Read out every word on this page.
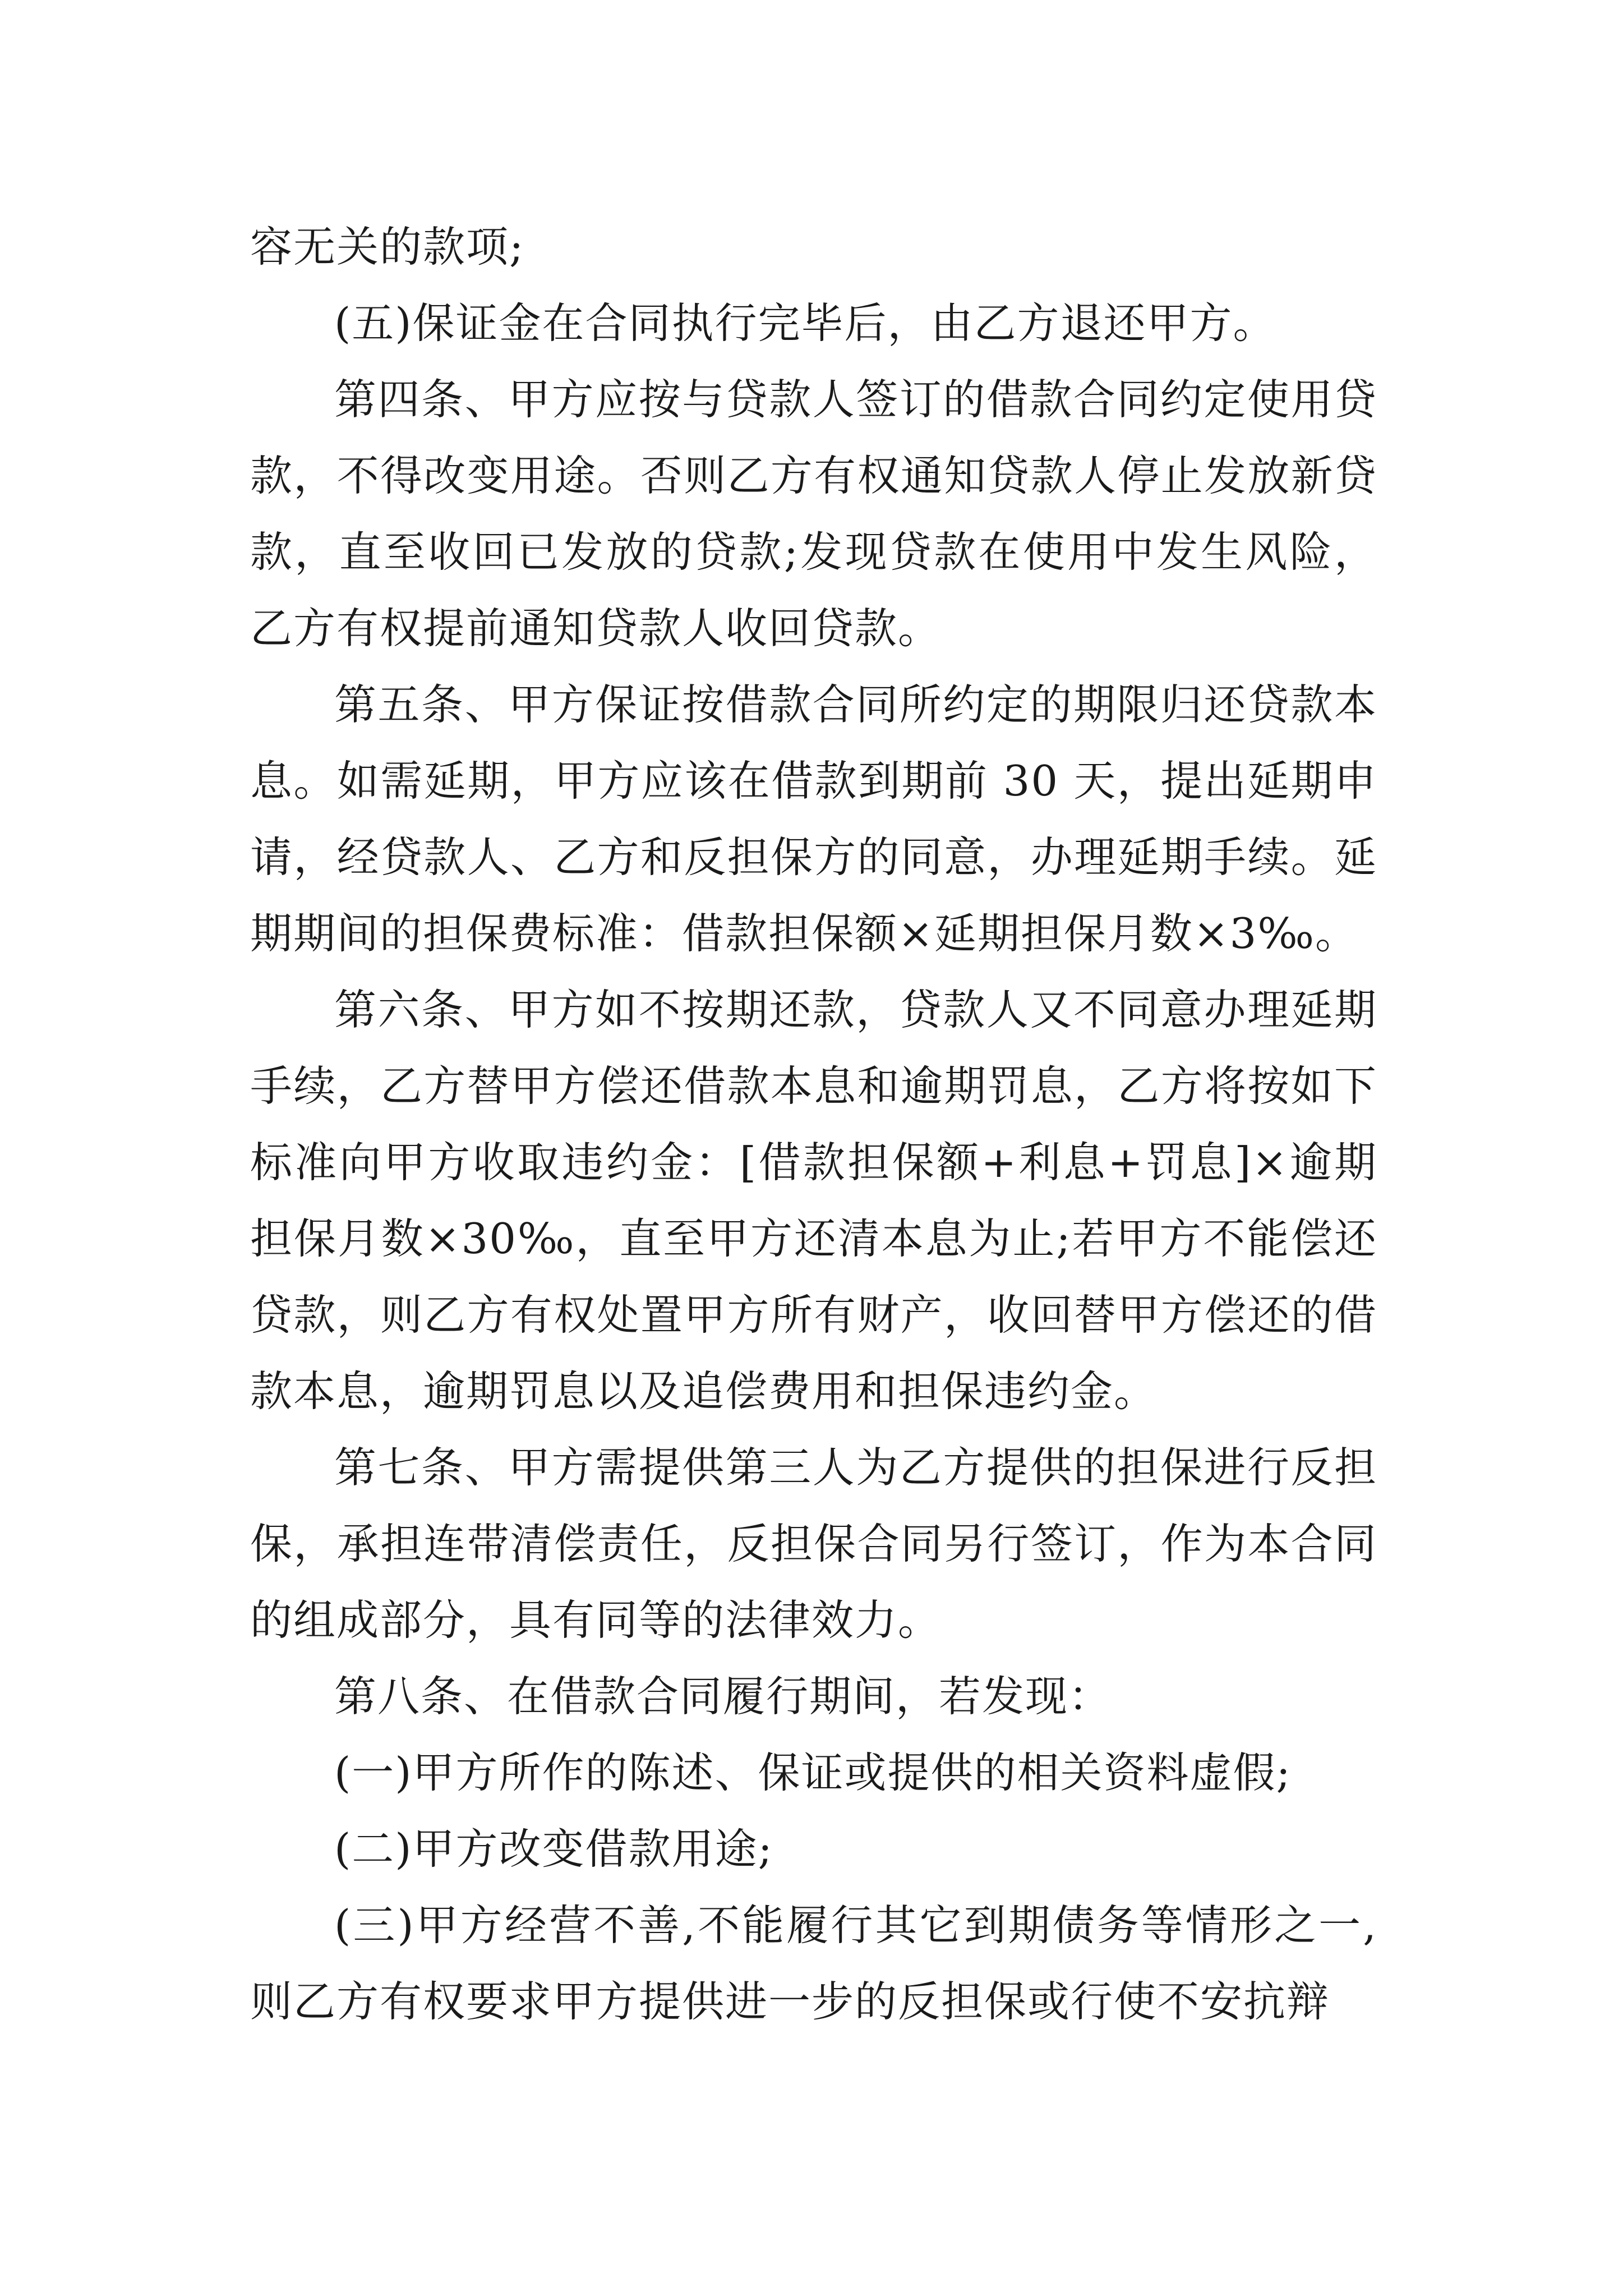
容无关的款项;

(五)保证金在合同执行完毕后，由乙方退还甲方。

第四条、甲方应按与贷款人签订的借款合同约定使用贷款，不得改变用途。否则乙方有权通知贷款人停止发放新贷款，直至收回已发放的贷款;发现贷款在使用中发生风险，乙方有权提前通知贷款人收回贷款。

第五条、甲方保证按借款合同所约定的期限归还贷款本息。如需延期，甲方应该在借款到期前 30 天，提出延期申请，经贷款人、乙方和反担保方的同意，办理延期手续。延期期间的担保费标准：借款担保额×延期担保月数×3‰。

第六条、甲方如不按期还款，贷款人又不同意办理延期手续，乙方替甲方偿还借款本息和逾期罚息，乙方将按如下标准向甲方收取违约金：[借款担保额+利息+罚息]×逾期担保月数×30‰，直至甲方还清本息为止;若甲方不能偿还贷款，则乙方有权处置甲方所有财产，收回替甲方偿还的借款本息，逾期罚息以及追偿费用和担保违约金。

第七条、甲方需提供第三人为乙方提供的担保进行反担保，承担连带清偿责任，反担保合同另行签订，作为本合同的组成部分，具有同等的法律效力。

第八条、在借款合同履行期间，若发现：

(一)甲方所作的陈述、保证或提供的相关资料虚假;

(二)甲方改变借款用途;

(三)甲方经营不善,不能履行其它到期债务等情形之一,则乙方有权要求甲方提供进一步的反担保或行使不安抗辩
